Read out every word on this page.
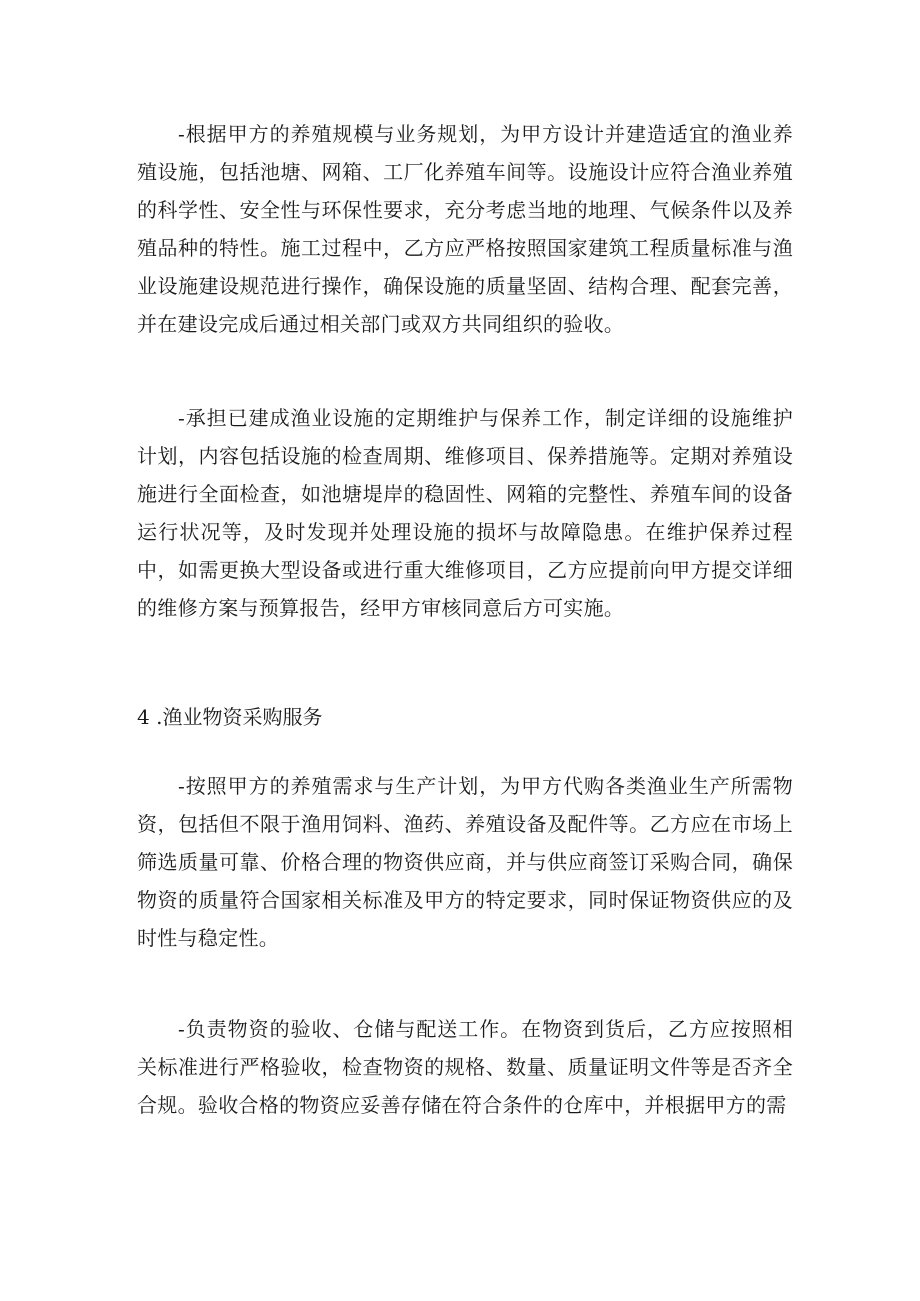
-根据甲方的养殖规模与业务规划，为甲方设计并建造适宜的渔业养殖设施，包括池塘、网箱、工厂化养殖车间等。设施设计应符合渔业养殖的科学性、安全性与环保性要求，充分考虑当地的地理、气候条件以及养殖品种的特性。施工过程中，乙方应严格按照国家建筑工程质量标准与渔业设施建设规范进行操作，确保设施的质量坚固、结构合理、配套完善，并在建设完成后通过相关部门或双方共同组织的验收。

-承担已建成渔业设施的定期维护与保养工作，制定详细的设施维护计划，内容包括设施的检查周期、维修项目、保养措施等。定期对养殖设施进行全面检查，如池塘堤岸的稳固性、网箱的完整性、养殖车间的设备运行状况等，及时发现并处理设施的损坏与故障隐患。在维护保养过程中，如需更换大型设备或进行重大维修项目，乙方应提前向甲方提交详细的维修方案与预算报告，经甲方审核同意后方可实施。

4 .渔业物资采购服务

-按照甲方的养殖需求与生产计划，为甲方代购各类渔业生产所需物资，包括但不限于渔用饲料、渔药、养殖设备及配件等。乙方应在市场上筛选质量可靠、价格合理的物资供应商，并与供应商签订采购合同，确保物资的质量符合国家相关标准及甲方的特定要求，同时保证物资供应的及时性与稳定性。

-负责物资的验收、仓储与配送工作。在物资到货后，乙方应按照相关标准进行严格验收，检查物资的规格、数量、质量证明文件等是否齐全合规。验收合格的物资应妥善存储在符合条件的仓库中，并根据甲方的需
